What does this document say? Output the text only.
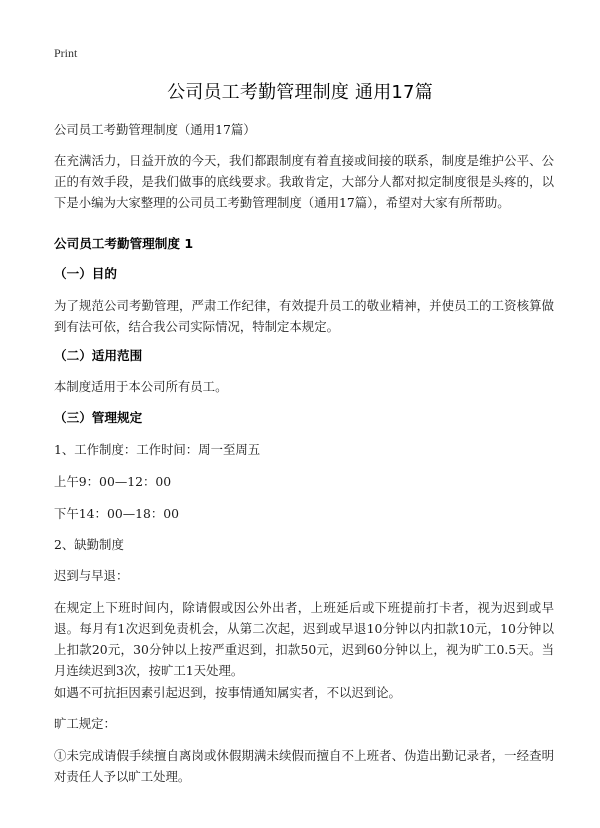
Print
公司员工考勤管理制度 通用17篇
公司员工考勤管理制度（通用17篇）
在充满活力，日益开放的今天，我们都跟制度有着直接或间接的联系，制度是维护公平、公正的有效手段，是我们做事的底线要求。我敢肯定，大部分人都对拟定制度很是头疼的，以下是小编为大家整理的公司员工考勤管理制度（通用17篇），希望对大家有所帮助。
公司员工考勤管理制度 1
（一）目的
为了规范公司考勤管理，严肃工作纪律，有效提升员工的敬业精神，并使员工的工资核算做到有法可依，结合我公司实际情况，特制定本规定。
（二）适用范围
本制度适用于本公司所有员工。
（三）管理规定
1、工作制度：工作时间：周一至周五
上午9：00—12：00
下午14：00—18：00
2、缺勤制度
迟到与早退：
在规定上下班时间内，除请假或因公外出者，上班延后或下班提前打卡者，视为迟到或早退。每月有1次迟到免责机会，从第二次起，迟到或早退10分钟以内扣款10元，10分钟以上扣款20元，30分钟以上按严重迟到，扣款50元，迟到60分钟以上，视为旷工0.5天。当月连续迟到3次，按旷工1天处理。
如遇不可抗拒因素引起迟到，按事情通知属实者，不以迟到论。
旷工规定：
①未完成请假手续擅自离岗或休假期满未续假而擅自不上班者、伪造出勤记录者，一经查明对责任人予以旷工处理。
